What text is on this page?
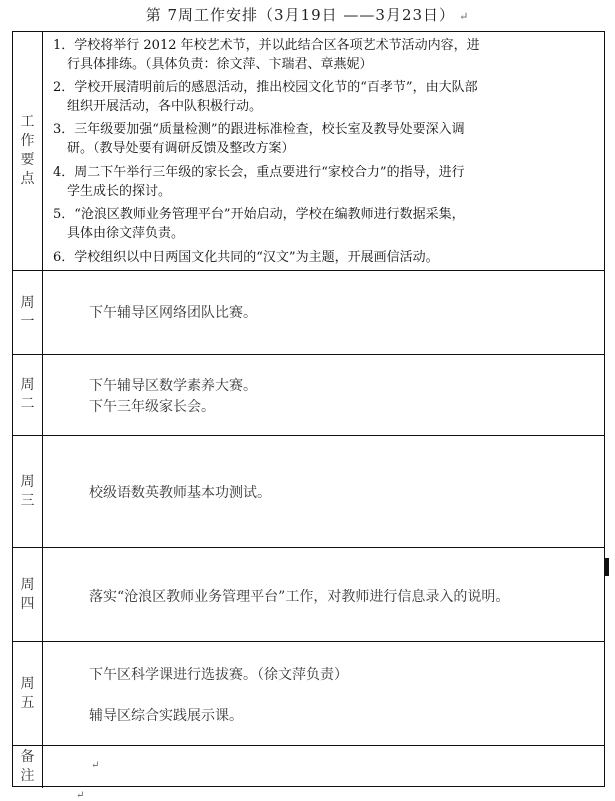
第 7周工作安排（3月19日 ——3月23日） ↵
工
作
要
点
1．学校将举行 2012 年校艺术节，并以此结合区各项艺术节活动内容，进
行具体排练。（具体负责：徐文萍、卞瑞君、章燕妮）
2．学校开展清明前后的感恩活动，推出校园文化节的“百孝节”，由大队部
组织开展活动，各中队积极行动。
3．三年级要加强“质量检测”的跟进标准检查，校长室及教导处要深入调
研。（教导处要有调研反馈及整改方案）
4．周二下午举行三年级的家长会，重点要进行“家校合力”的指导，进行
学生成长的探讨。
5．“沧浪区教师业务管理平台”开始启动，学校在编教师进行数据采集，
具体由徐文萍负责。
6．学校组织以中日两国文化共同的“汉文”为主题，开展画信活动。
周
一
下午辅导区网络团队比赛。
周
二
下午辅导区数学素养大赛。
下午三年级家长会。
周
三	校级语数英教师基本功测试。
周
四	落实“沧浪区教师业务管理平台”工作，对教师进行信息录入的说明。
周
五
下午区科学课进行选拔赛。（徐文萍负责）
辅导区综合实践展示课。
备
注
↵
↵
